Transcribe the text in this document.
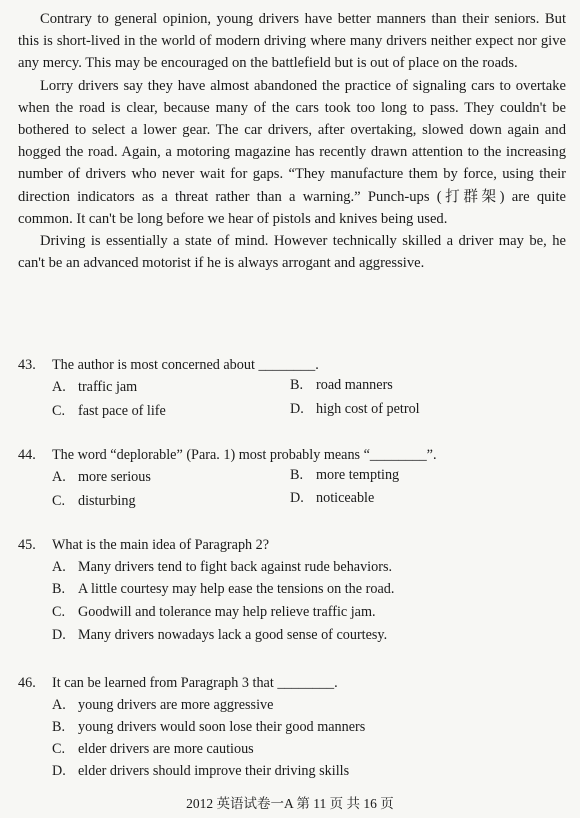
Contrary to general opinion, young drivers have better manners than their seniors. But this is short-lived in the world of modern driving where many drivers neither expect nor give any mercy. This may be encouraged on the battlefield but is out of place on the roads.

Lorry drivers say they have almost abandoned the practice of signaling cars to overtake when the road is clear, because many of the cars took too long to pass. They couldn't be bothered to select a lower gear. The car drivers, after overtaking, slowed down again and hogged the road. Again, a motoring magazine has recently drawn attention to the increasing number of drivers who never wait for gaps. “They manufacture them by force, using their direction indicators as a threat rather than a warning.” Punch-ups (打群架) are quite common. It can't be long before we hear of pistols and knives being used.

Driving is essentially a state of mind. However technically skilled a driver may be, he can't be an advanced motorist if he is always arrogant and aggressive.

43.	The author is most concerned about ________.
A. traffic jam	B. road manners
C. fast pace of life	D. high cost of petrol
44.	The word “deplorable” (Para. 1) most probably means “________”.
A. more serious	B. more tempting
C. disturbing	D. noticeable
45.	What is the main idea of Paragraph 2?
A. Many drivers tend to fight back against rude behaviors.
B. A little courtesy may help ease the tensions on the road.
C. Goodwill and tolerance may help relieve traffic jam.
D. Many drivers nowadays lack a good sense of courtesy.
46.	It can be learned from Paragraph 3 that ________.
A. young drivers are more aggressive
B. young drivers would soon lose their good manners
C. elder drivers are more cautious
D. elder drivers should improve their driving skills
2012 英语试卷一A 第 11 页 共 16 页
